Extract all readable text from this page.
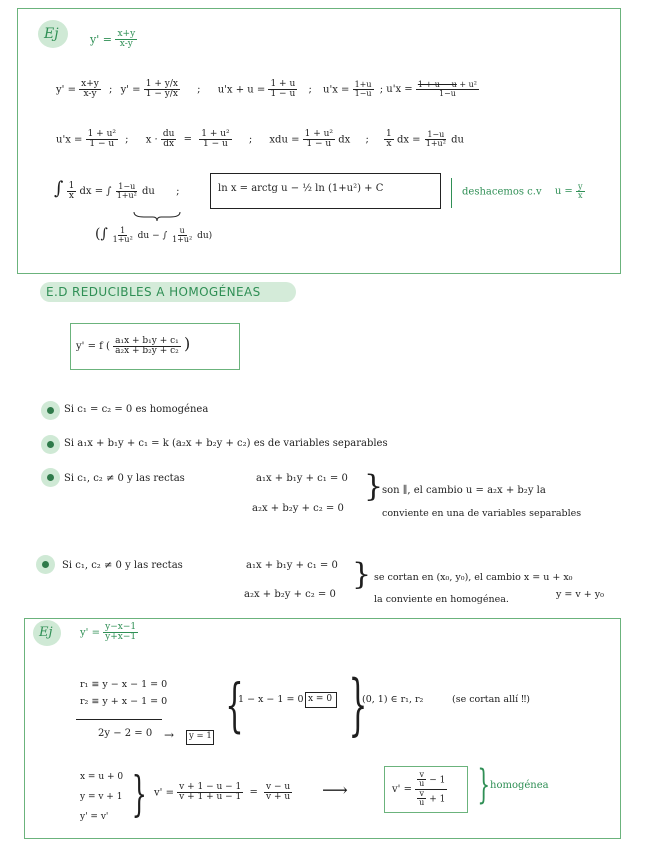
Ej	$y' = \frac{x+y}{x-y}$
$y' = \frac{x+y}{x-y}$ ; $y' = \frac{1 + y/x}{1 - y/x}$ ; $u'x + u = \frac{1 + u}{1 - u}$ ; $u'x = \frac{1+u}{1-u}$ ; $u'x = \frac{\text{1 + u − u + u²}}{1-u}$
$u'x = \frac{\text{1 + u²}}{1 - u}$ ; $x \cdot \frac{du}{dx} = \frac{\text{1 + u²}}{1 - u}$ ; xdu = $\frac{\text{1 + u²}}{1 - u}$ dx ; $\frac{1}{x}$ dx = $\frac{1-u}{\text{1+u²}}$ du
∫ $\frac{1}{x}$ dx = ∫ $\frac{1-u}{\text{1+u²}}$ du ;	ln x = arctg u − ½ ln (1+u²) + C	deshacemos c.v $u = \frac{y}{x}$
(∫ $\frac{1}{\text{1+u²}}$ du − ∫ $\frac{u}{\text{1+u²}} du$)
E.D REDUCIBLES A HOMOGÉNEAS
y' = f ( $\frac{\text{a₁x + b₁y + c₁}}{\text{a₂x + b₂y + c₂}}$ )
Si c₁ = c₂ = 0 es homogénea
Si a₁x + b₁y + c₁ = k (a₂x + b₂y + c₂) es de variables separables
Si c₁, c₂ ≠ 0 y las rectas	a₁x + b₁y + c₁ = 0
a₂x + b₂y + c₂ = 0
}
son ∥, el cambio u = a₂x + b₂y la
conviente en una de variables separables
Si c₁, c₂ ≠ 0 y las rectas	a₁x + b₁y + c₁ = 0
a₂x + b₂y + c₂ = 0
} se cortan en (x₀, y₀), el cambio x = u + x₀
la conviente en homogénea.	y = v + y₀
Ej	$y' = \frac{y-x-1}{y+x-1}$
r₁ ≡ y − x − 1 = 0
r₂ ≡ y + x − 1 = 0
2y − 2 = 0 → y = 1 {
1 − x − 1 = 0 x = 0 }
(0, 1) ∈ r₁, r₂	(se cortan allí ‼)
x = u + 0
y = v + 1
y' = v' } $v' = \frac{v + 1 - u - 1}{v + 1 + u - 1} = \frac{v - u}{v + u}$ ⟶	$v' = \frac{\frac{v}{u} - 1}{\frac{v}{u} + 1}$ } homogénea
